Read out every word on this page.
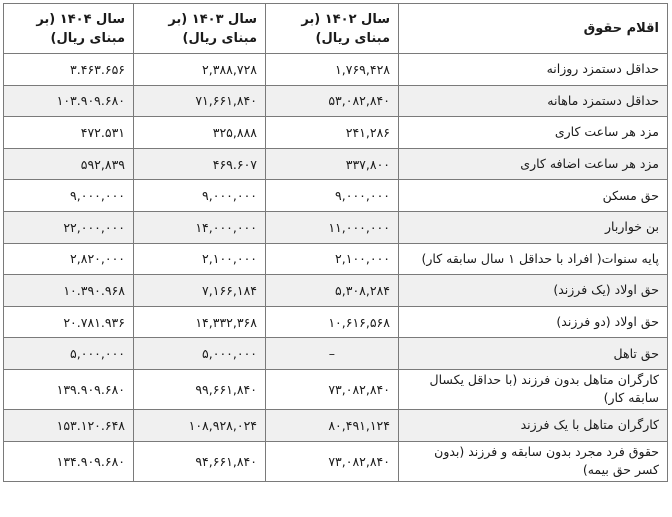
اقلام حقوق	سال ۱۴۰۲ (بر مبنای ریال)	سال ۱۴۰۳ (بر مبنای ریال)	سال ۱۴۰۴ (بر مبنای ریال)
حداقل دستمزد روزانه	۱,۷۶۹,۴۲۸	۲,۳۸۸,۷۲۸	۳.۴۶۳.۶۵۶
حداقل دستمزد ماهانه	۵۳,۰۸۲,۸۴۰	۷۱,۶۶۱,۸۴۰	۱۰۳.۹۰۹.۶۸۰
مزد هر ساعت کاری	۲۴۱,۲۸۶	۳۲۵,۸۸۸	۴۷۲.۵۳۱
مزد هر ساعت اضافه کاری	۳۳۷,۸۰۰	۴۶۹.۶۰۷	۵۹۲,۸۳۹
حق مسکن	۹,۰۰۰,۰۰۰	۹,۰۰۰,۰۰۰	۹,۰۰۰,۰۰۰
بن خواربار	۱۱,۰۰۰,۰۰۰	۱۴,۰۰۰,۰۰۰	۲۲,۰۰۰,۰۰۰
پایه سنوات( افراد با حداقل ۱ سال سابقه کار)	۲,۱۰۰,۰۰۰	۲,۱۰۰,۰۰۰	۲,۸۲۰,۰۰۰
حق اولاد (یک فرزند)	۵,۳۰۸,۲۸۴	۷,۱۶۶,۱۸۴	۱۰.۳۹۰.۹۶۸
حق اولاد (دو فرزند)	۱۰,۶۱۶,۵۶۸	۱۴,۳۳۲,۳۶۸	۲۰.۷۸۱.۹۳۶
حق تاهل	–	۵,۰۰۰,۰۰۰	۵,۰۰۰,۰۰۰
کارگران متاهل بدون فرزند (با حداقل یکسال سابقه کار)	۷۳,۰۸۲,۸۴۰	۹۹,۶۶۱,۸۴۰	۱۳۹.۹۰۹.۶۸۰
کارگران متاهل با یک فرزند	۸۰,۴۹۱,۱۲۴	۱۰۸,۹۲۸,۰۲۴	۱۵۳.۱۲۰.۶۴۸
حقوق فرد مجرد بدون سابقه و فرزند (بدون کسر حق بیمه)	۷۳,۰۸۲,۸۴۰	۹۴,۶۶۱,۸۴۰	۱۳۴.۹۰۹.۶۸۰
